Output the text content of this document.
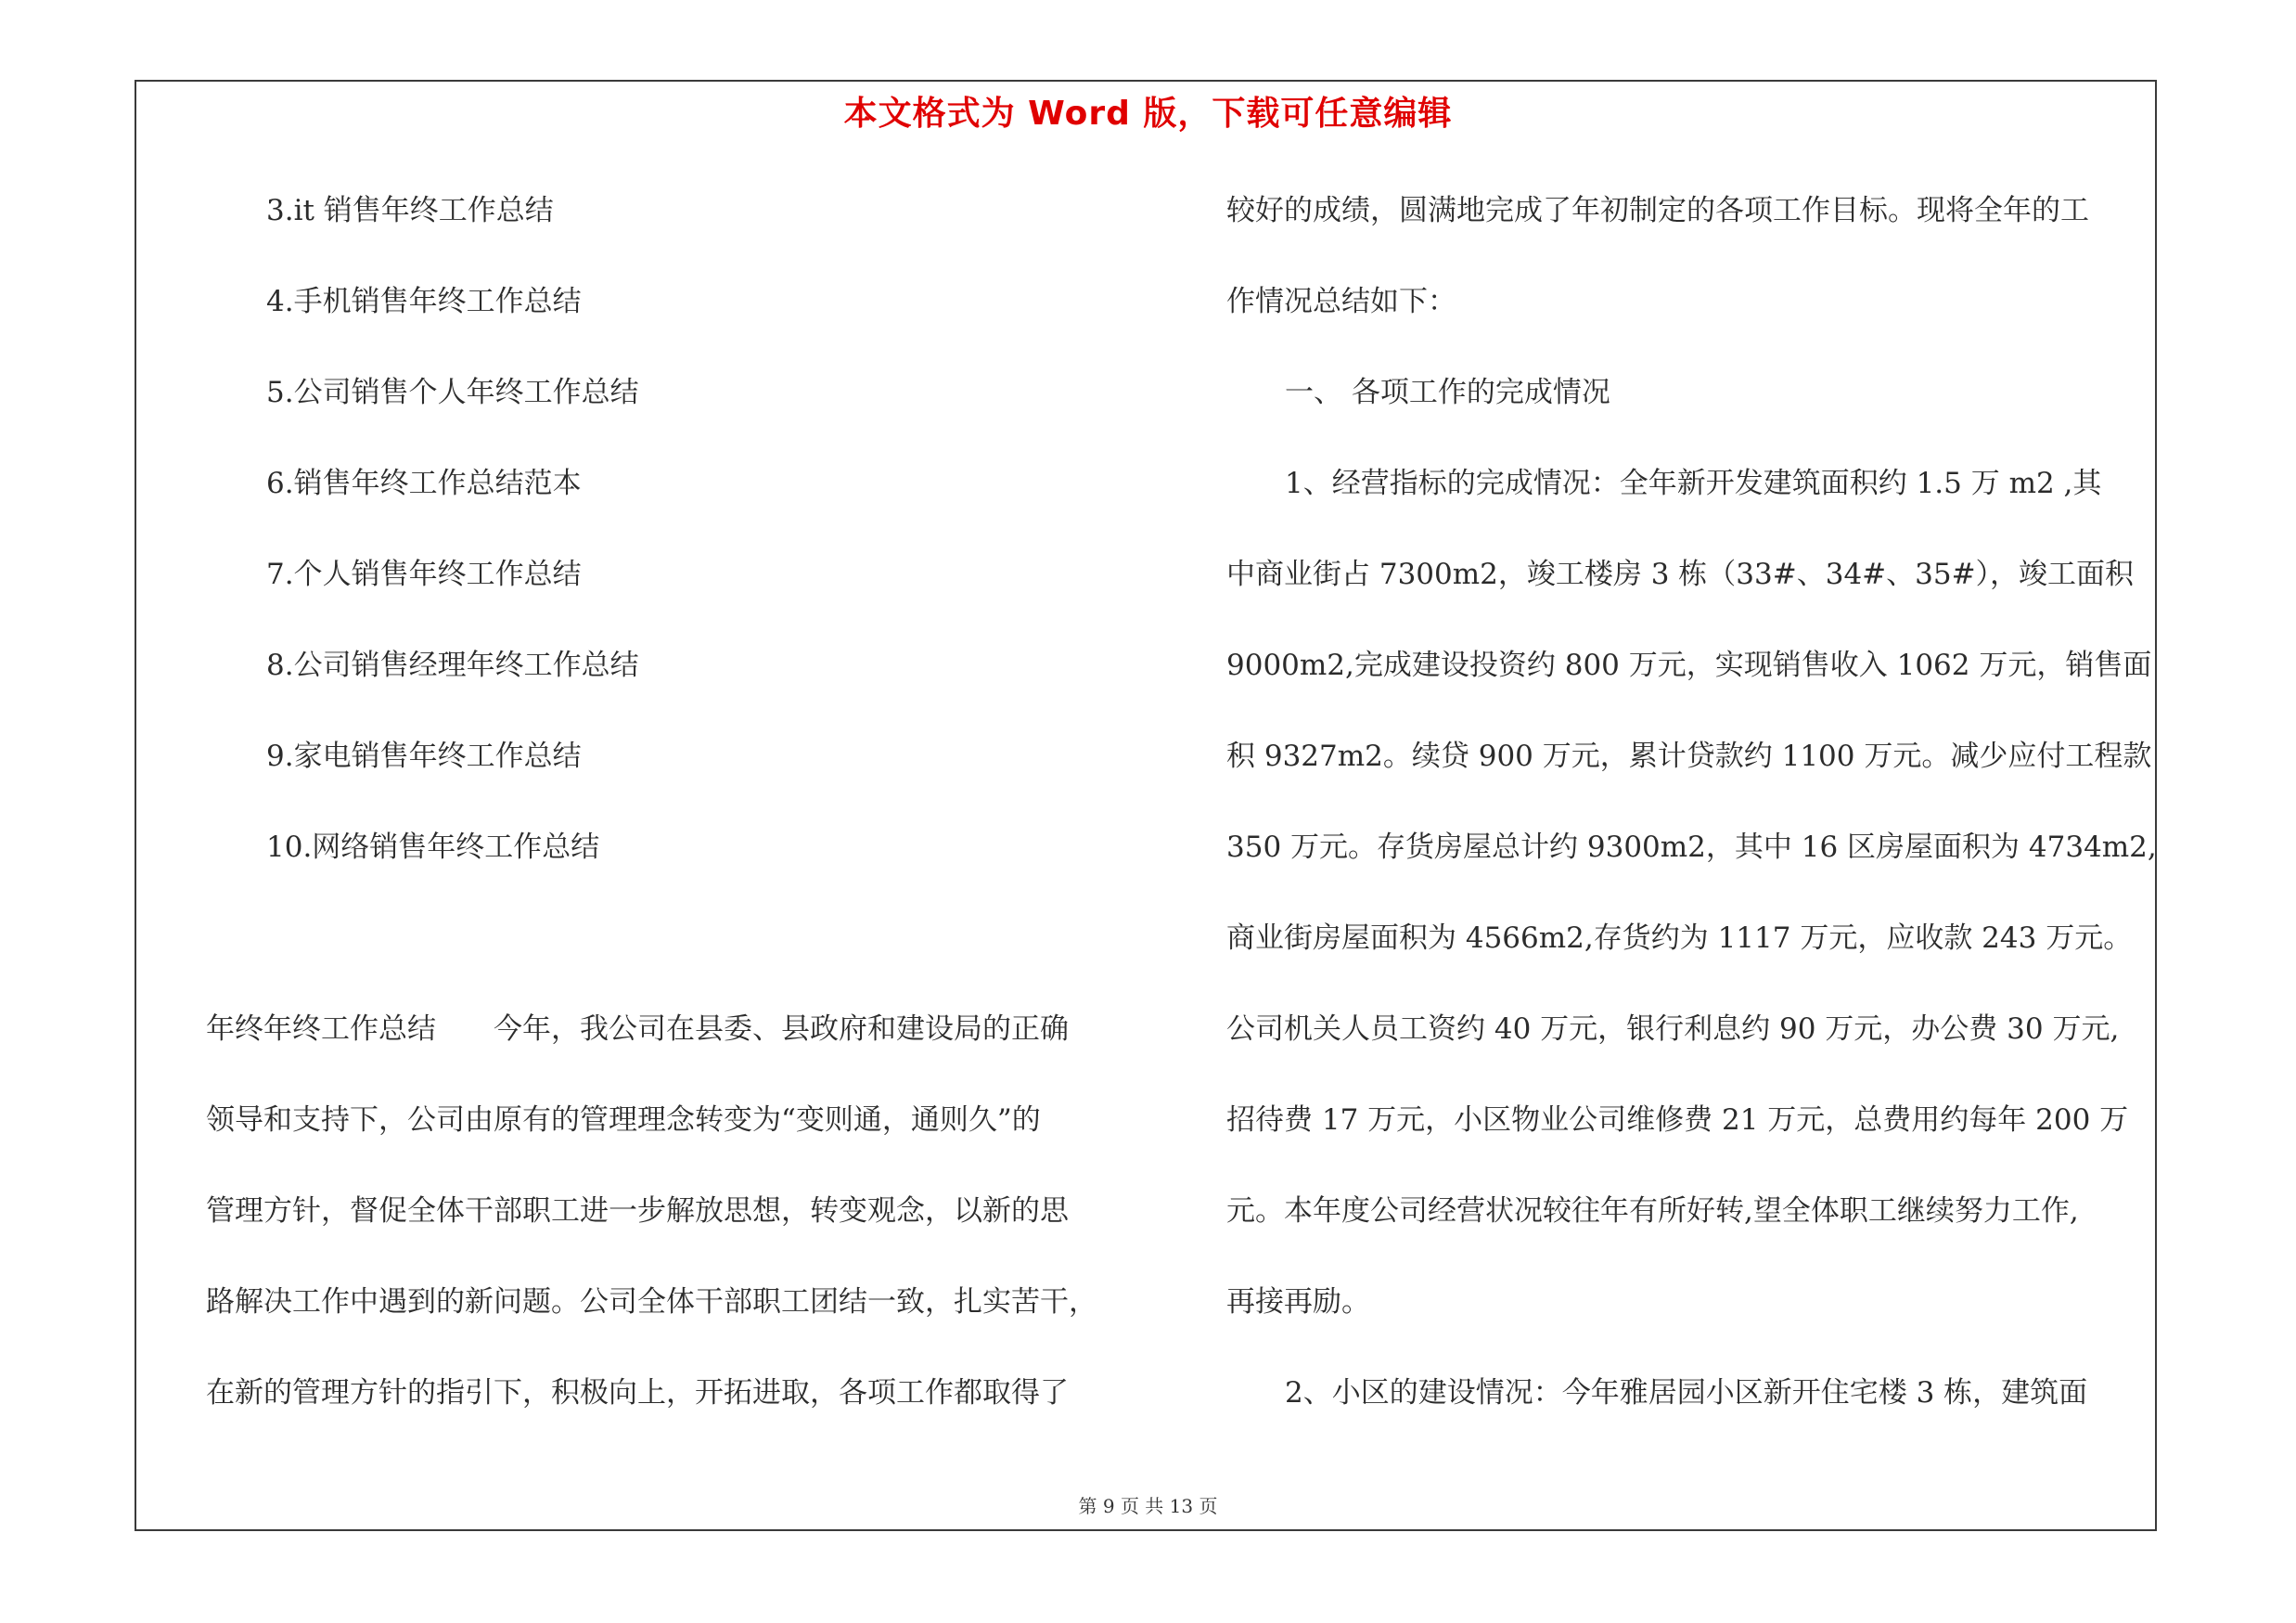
本文格式为 Word 版，下载可任意编辑
3.it 销售年终工作总结
4.手机销售年终工作总结
5.公司销售个人年终工作总结
6.销售年终工作总结范本
7.个人销售年终工作总结
8.公司销售经理年终工作总结
9.家电销售年终工作总结
10.网络销售年终工作总结
年终年终工作总结　　今年，我公司在县委、县政府和建设局的正确
领导和支持下，公司由原有的管理理念转变为“变则通，通则久”的
管理方针，督促全体干部职工进一步解放思想，转变观念，以新的思
路解决工作中遇到的新问题。公司全体干部职工团结一致，扎实苦干，
在新的管理方针的指引下，积极向上，开拓进取，各项工作都取得了
较好的成绩，圆满地完成了年初制定的各项工作目标。现将全年的工
作情况总结如下：
一、 各项工作的完成情况
1、经营指标的完成情况：全年新开发建筑面积约 1.5 万 m2 ,其
中商业街占 7300m2，竣工楼房 3 栋（33#、34#、35#），竣工面积
9000m2,完成建设投资约 800 万元，实现销售收入 1062 万元，销售面
积 9327m2。续贷 900 万元，累计贷款约 1100 万元。减少应付工程款
350 万元。存货房屋总计约 9300m2，其中 16 区房屋面积为 4734m2,
商业街房屋面积为 4566m2,存货约为 1117 万元，应收款 243 万元。
公司机关人员工资约 40 万元，银行利息约 90 万元，办公费 30 万元,
招待费 17 万元，小区物业公司维修费 21 万元，总费用约每年 200 万
元。本年度公司经营状况较往年有所好转,望全体职工继续努力工作,
再接再励。
2、小区的建设情况：今年雅居园小区新开住宅楼 3 栋，建筑面
第 9 页 共 13 页
